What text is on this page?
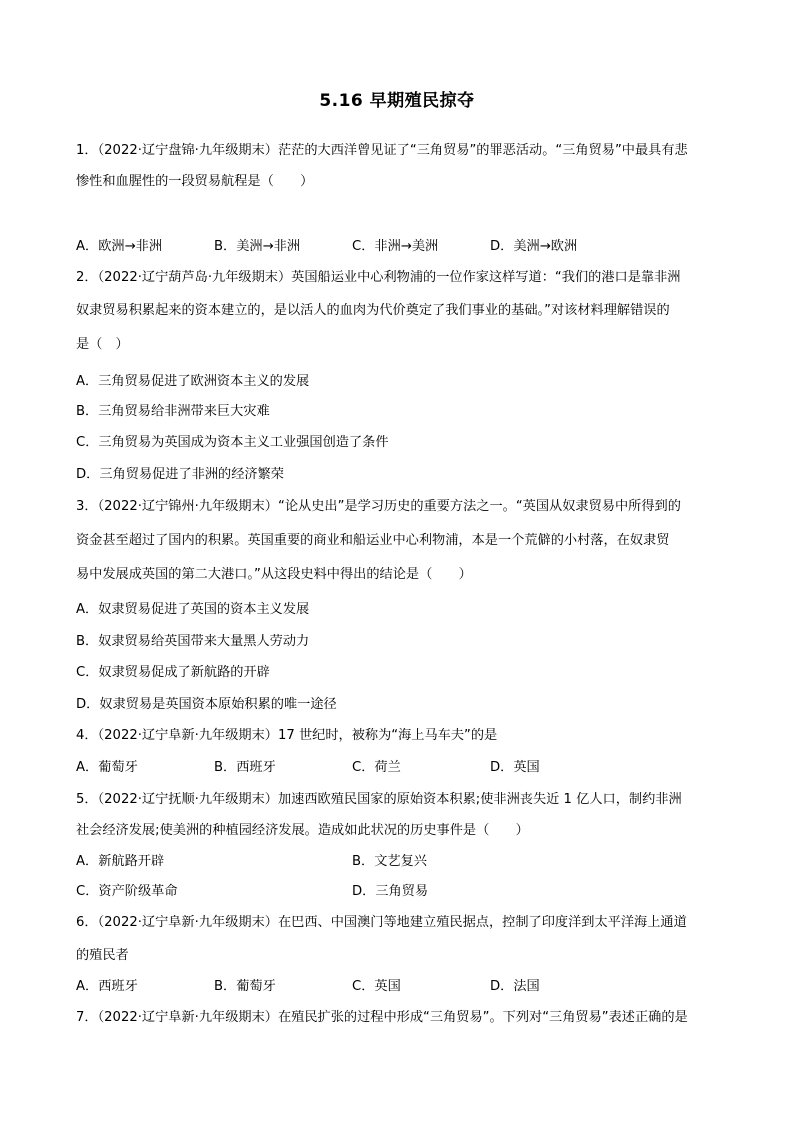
5.16 早期殖民掠夺
1．（2022·辽宁盘锦·九年级期末）茫茫的大西洋曾见证了“三角贸易”的罪恶活动。“三角贸易”中最具有悲
惨性和血腥性的一段贸易航程是（　　）
A．欧洲→非洲	B．美洲→非洲	C．非洲→美洲	D．美洲→欧洲
2．（2022·辽宁葫芦岛·九年级期末）英国船运业中心利物浦的一位作家这样写道：“我们的港口是靠非洲
奴隶贸易积累起来的资本建立的，是以活人的血肉为代价奠定了我们事业的基础。”对该材料理解错误的
是（　）
A．三角贸易促进了欧洲资本主义的发展
B．三角贸易给非洲带来巨大灾难
C．三角贸易为英国成为资本主义工业强国创造了条件
D．三角贸易促进了非洲的经济繁荣
3．（2022·辽宁锦州·九年级期末）“论从史出”是学习历史的重要方法之一。“英国从奴隶贸易中所得到的
资金甚至超过了国内的积累。英国重要的商业和船运业中心利物浦，本是一个荒僻的小村落，在奴隶贸
易中发展成英国的第二大港口。”从这段史料中得出的结论是（　　）
A．奴隶贸易促进了英国的资本主义发展
B．奴隶贸易给英国带来大量黑人劳动力
C．奴隶贸易促成了新航路的开辟
D．奴隶贸易是英国资本原始积累的唯一途径
4．（2022·辽宁阜新·九年级期末）17 世纪时，被称为“海上马车夫”的是
A．葡萄牙	B．西班牙	C．荷兰	D．英国
5．（2022·辽宁抚顺·九年级期末）加速西欧殖民国家的原始资本积累;使非洲丧失近 1 亿人口，制约非洲
社会经济发展;使美洲的种植园经济发展。造成如此状况的历史事件是（　　）
A．新航路开辟	B．文艺复兴
C．资产阶级革命	D．三角贸易
6．（2022·辽宁阜新·九年级期末）在巴西、中国澳门等地建立殖民据点，控制了印度洋到太平洋海上通道
的殖民者
A．西班牙	B．葡萄牙	C．英国	D．法国
7．（2022·辽宁阜新·九年级期末）在殖民扩张的过程中形成“三角贸易”。下列对“三角贸易”表述正确的是
